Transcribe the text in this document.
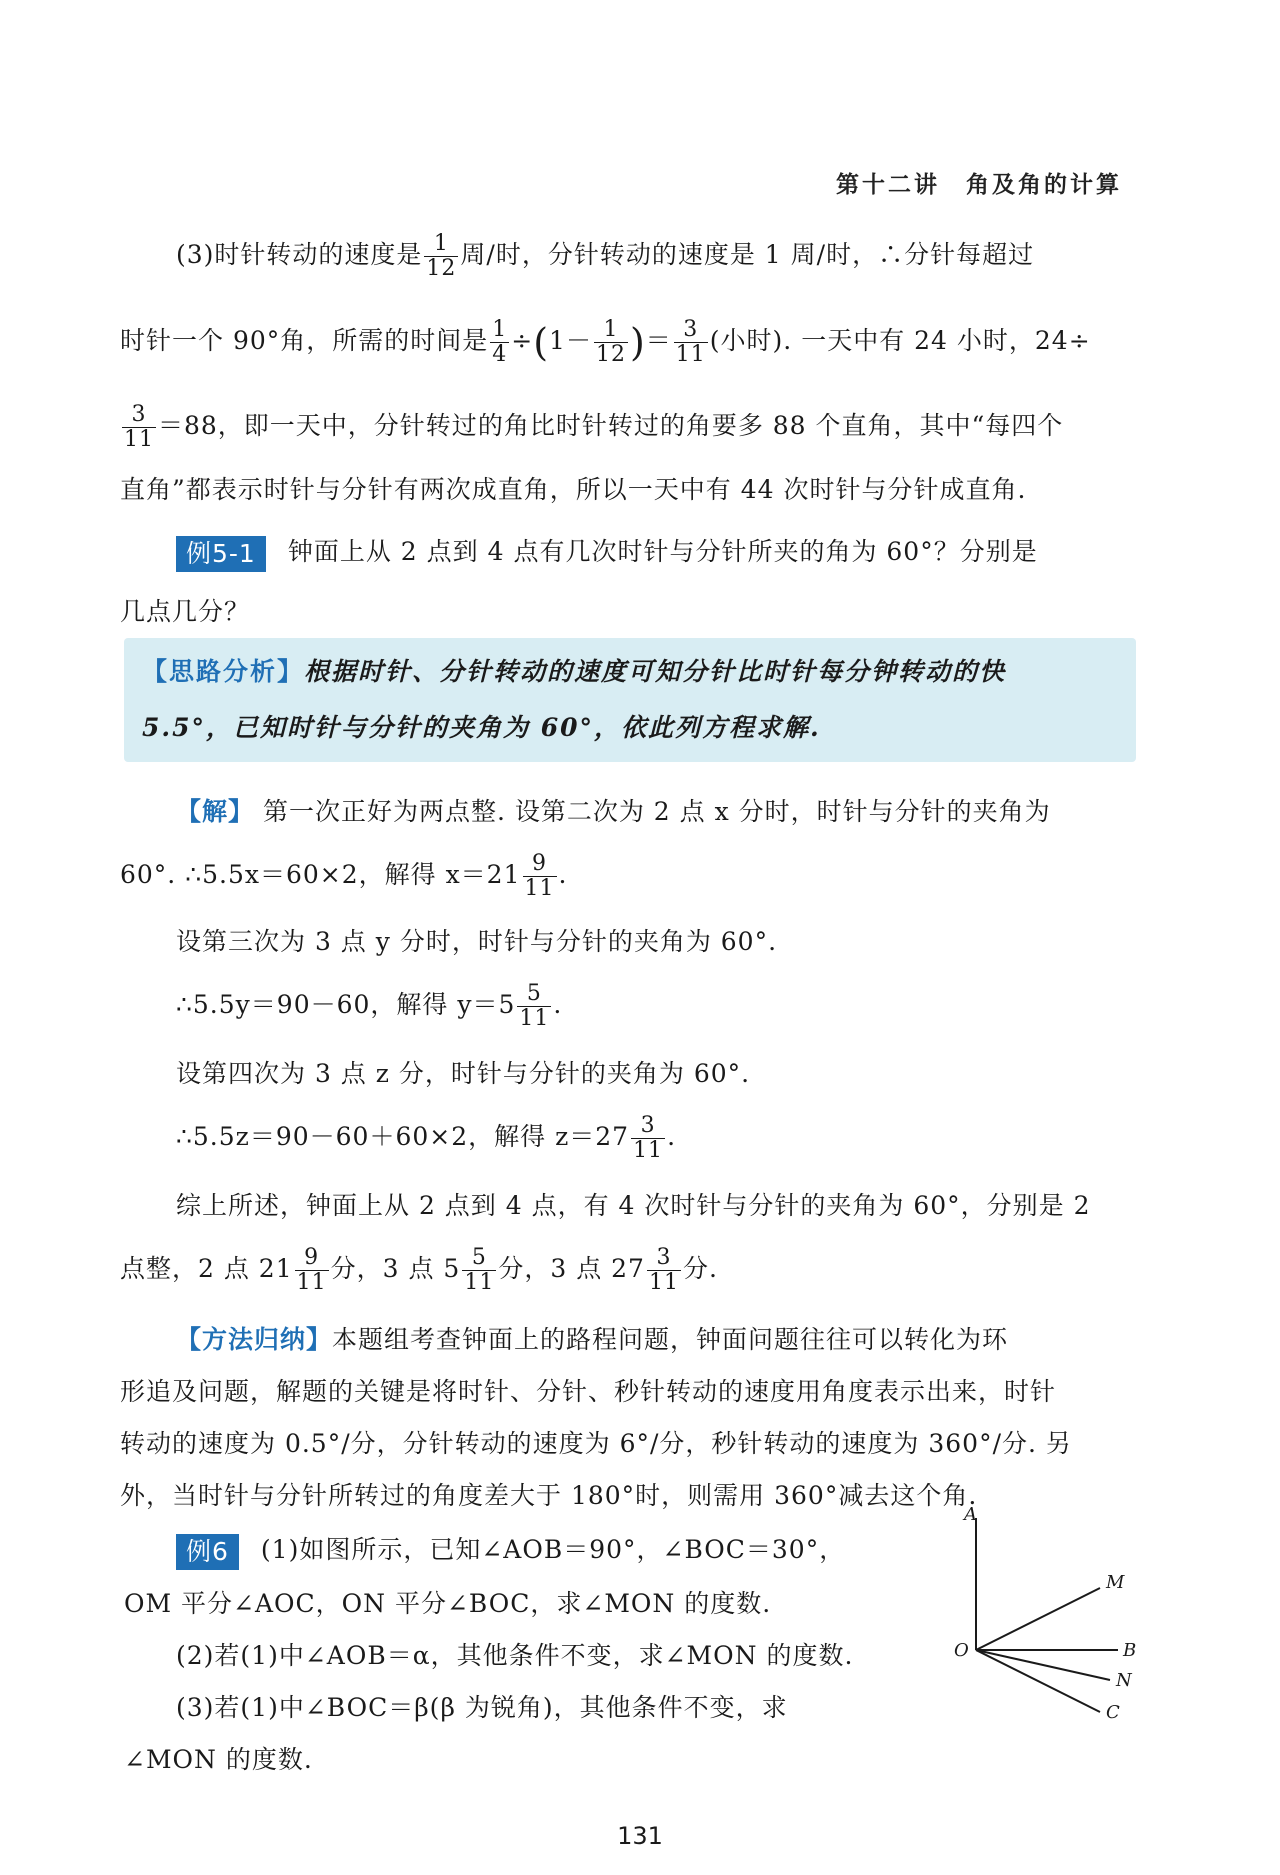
第十二讲　角及角的计算
(3)时针转动的速度是 $\frac{1}{12}$ 周/时，分针转动的速度是 1 周/时，∴分针每超过
时针一个 90°角，所需的时间是 $\frac{1}{4} \div(1- \frac{1}{12}$ )＝ $\frac{3}{11}$ (小时). 一天中有 24 小时，24÷
$\frac{3}{11} =88$，即一天中，分针转过的角比时针转过的角要多 88 个直角，其中“每四个
直角”都表示时针与分针有两次成直角，所以一天中有 44 次时针与分针成直角.
例5-1 钟面上从 2 点到 4 点有几次时针与分针所夹的角为 60°？分别是
几点几分？
【思路分析】根据时针、分针转动的速度可知分针比时针每分钟转动的快
5.5°，已知时针与分针的夹角为 60°，依此列方程求解.
【解】 第一次正好为两点整. 设第二次为 2 点 x 分时，时针与分针的夹角为
60°. ∴5.5x＝60×2，解得 $x=21 \frac{9}{11}$ .
设第三次为 3 点 y 分时，时针与分针的夹角为 60°.
∴5.5y＝90－60，解得 $y=5 \frac{5}{11}$ .
设第四次为 3 点 z 分，时针与分针的夹角为 60°.
∴5.5z＝90－60＋60×2，解得 $z=27 \frac{3}{11}$ .
综上所述，钟面上从 2 点到 4 点，有 4 次时针与分针的夹角为 60°，分别是 2
点整，2 点 $21 \frac{9}{11}$ 分，3 点 $5 \frac{5}{11}$ 分，3 点 $27 \frac{3}{11}$ 分.
【方法归纳】本题组考查钟面上的路程问题，钟面问题往往可以转化为环
形追及问题，解题的关键是将时针、分针、秒针转动的速度用角度表示出来，时针
转动的速度为 0.5°/分，分针转动的速度为 6°/分，秒针转动的速度为 360°/分. 另
外，当时针与分针所转过的角度差大于 180°时，则需用 360°减去这个角.
例6 (1)如图所示，已知∠AOB＝90°，∠BOC＝30°，
OM 平分∠AOC，ON 平分∠BOC，求∠MON 的度数.
(2)若(1)中∠AOB＝α，其他条件不变，求∠MON 的度数.
(3)若(1)中∠BOC＝β(β 为锐角)，其他条件不变，求
∠MON 的度数.
A
M
O	B
N
C
131
